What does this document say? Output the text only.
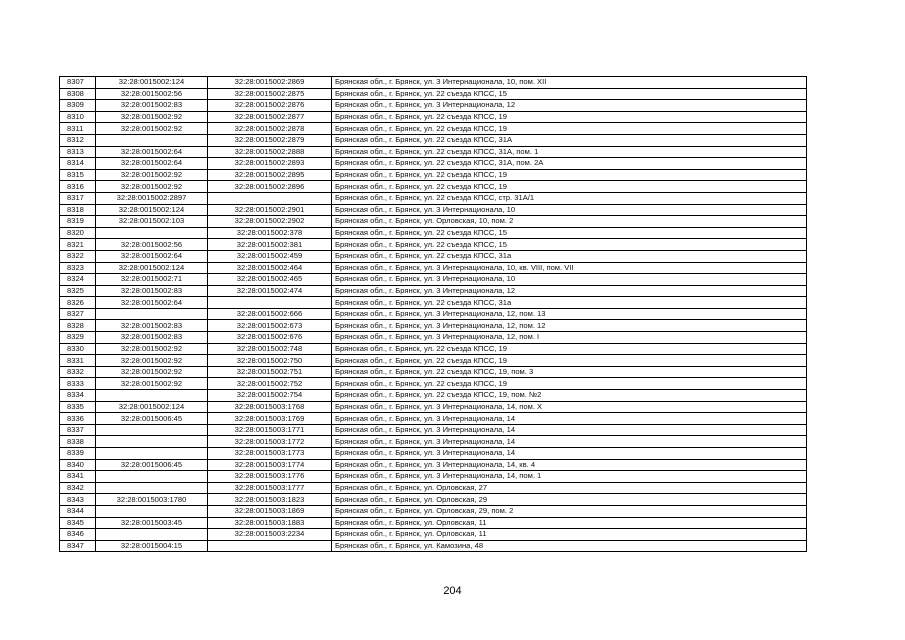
8307	32:28:0015002:124	32:28:0015002:2869	Брянская обл., г. Брянск, ул. 3 Интернационала, 10, пом. XII
8308	32:28:0015002:56	32:28:0015002:2875	Брянская обл., г. Брянск, ул. 22 съезда КПСС, 15
8309	32:28:0015002:83	32:28:0015002:2876	Брянская обл., г. Брянск, ул. 3 Интернационала, 12
8310	32:28:0015002:92	32:28:0015002:2877	Брянская обл., г. Брянск, ул. 22 съезда КПСС, 19
8311	32:28:0015002:92	32:28:0015002:2878	Брянская обл., г. Брянск, ул. 22 съезда КПСС, 19
8312		32:28:0015002:2879	Брянская обл., г. Брянск, ул. 22 съезда КПСС, 31А
8313	32:28:0015002:64	32:28:0015002:2888	Брянская обл., г. Брянск, ул. 22 съезда КПСС, 31А, пом. 1
8314	32:28:0015002:64	32:28:0015002:2893	Брянская обл., г. Брянск, ул. 22 съезда КПСС, 31А, пом. 2А
8315	32:28:0015002:92	32:28:0015002:2895	Брянская обл., г. Брянск, ул. 22 съезда КПСС, 19
8316	32:28:0015002:92	32:28:0015002:2896	Брянская обл., г. Брянск, ул. 22 съезда КПСС, 19
8317	32:28:0015002:2897		Брянская обл., г. Брянск, ул. 22 съезда КПСС, стр. 31А/1
8318	32:28:0015002:124	32:28:0015002:2901	Брянская обл., г. Брянск, ул. 3 Интернационала, 10
8319	32:28:0015002:103	32:28:0015002:2902	Брянская обл., г. Брянск, ул. Орловская, 10, пом. 2
8320		32:28:0015002:378	Брянская обл., г. Брянск, ул. 22 съезда КПСС, 15
8321	32:28:0015002:56	32:28:0015002:381	Брянская обл., г. Брянск, ул. 22 съезда КПСС, 15
8322	32:28:0015002:64	32:28:0015002:459	Брянская обл., г. Брянск, ул. 22 съезда КПСС, 31а
8323	32:28:0015002:124	32:28:0015002:464	Брянская обл., г. Брянск, ул. 3 Интернационала, 10, кв. VIII, пом. VII
8324	32:28:0015002:71	32:28:0015002:465	Брянская обл., г. Брянск, ул. 3 Интернационала, 10
8325	32:28:0015002:83	32:28:0015002:474	Брянская обл., г. Брянск, ул. 3 Интернационала, 12
8326	32:28:0015002:64		Брянская обл., г. Брянск, ул. 22 съезда КПСС, 31а
8327		32:28:0015002:666	Брянская обл., г. Брянск, ул. 3 Интернационала, 12, пом. 13
8328	32:28:0015002:83	32:28:0015002:673	Брянская обл., г. Брянск, ул. 3 Интернационала, 12, пом. 12
8329	32:28:0015002:83	32:28:0015002:676	Брянская обл., г. Брянск, ул. 3 Интернационала, 12, пом. I
8330	32:28:0015002:92	32:28:0015002:748	Брянская обл., г. Брянск, ул. 22 съезда КПСС, 19
8331	32:28:0015002:92	32:28:0015002:750	Брянская обл., г. Брянск, ул. 22 съезда КПСС, 19
8332	32:28:0015002:92	32:28:0015002:751	Брянская обл., г. Брянск, ул. 22 съезда КПСС, 19, пом. 3
8333	32:28:0015002:92	32:28:0015002:752	Брянская обл., г. Брянск, ул. 22 съезда КПСС, 19
8334		32:28:0015002:754	Брянская обл., г. Брянск, ул. 22 съезда КПСС, 19, пом. №2
8335	32:28:0015002:124	32:28:0015003:1768	Брянская обл., г. Брянск, ул. 3 Интернационала, 14, пом. X
8336	32:28:0015006:45	32:28:0015003:1769	Брянская обл., г. Брянск, ул. 3 Интернационала, 14
8337		32:28:0015003:1771	Брянская обл., г. Брянск, ул. 3 Интернационала, 14
8338		32:28:0015003:1772	Брянская обл., г. Брянск, ул. 3 Интернационала, 14
8339		32:28:0015003:1773	Брянская обл., г. Брянск, ул. 3 Интернационала, 14
8340	32:28:0015006:45	32:28:0015003:1774	Брянская обл., г. Брянск, ул. 3 Интернационала, 14, кв. 4
8341		32:28:0015003:1776	Брянская обл., г. Брянск, ул. 3 Интернационала, 14, пом. 1
8342		32:28:0015003:1777	Брянская обл., г. Брянск, ул. Орловская, 27
8343	32:28:0015003:1780	32:28:0015003:1823	Брянская обл., г. Брянск, ул. Орловская, 29
8344		32:28:0015003:1869	Брянская обл., г. Брянск, ул. Орловская, 29, пом. 2
8345	32:28:0015003:45	32:28:0015003:1883	Брянская обл., г. Брянск, ул. Орловская, 11
8346		32:28:0015003:2234	Брянская обл., г. Брянск, ул. Орловская, 11
8347	32:28:0015004:15		Брянская обл., г. Брянск, ул. Камозина, 48
204
